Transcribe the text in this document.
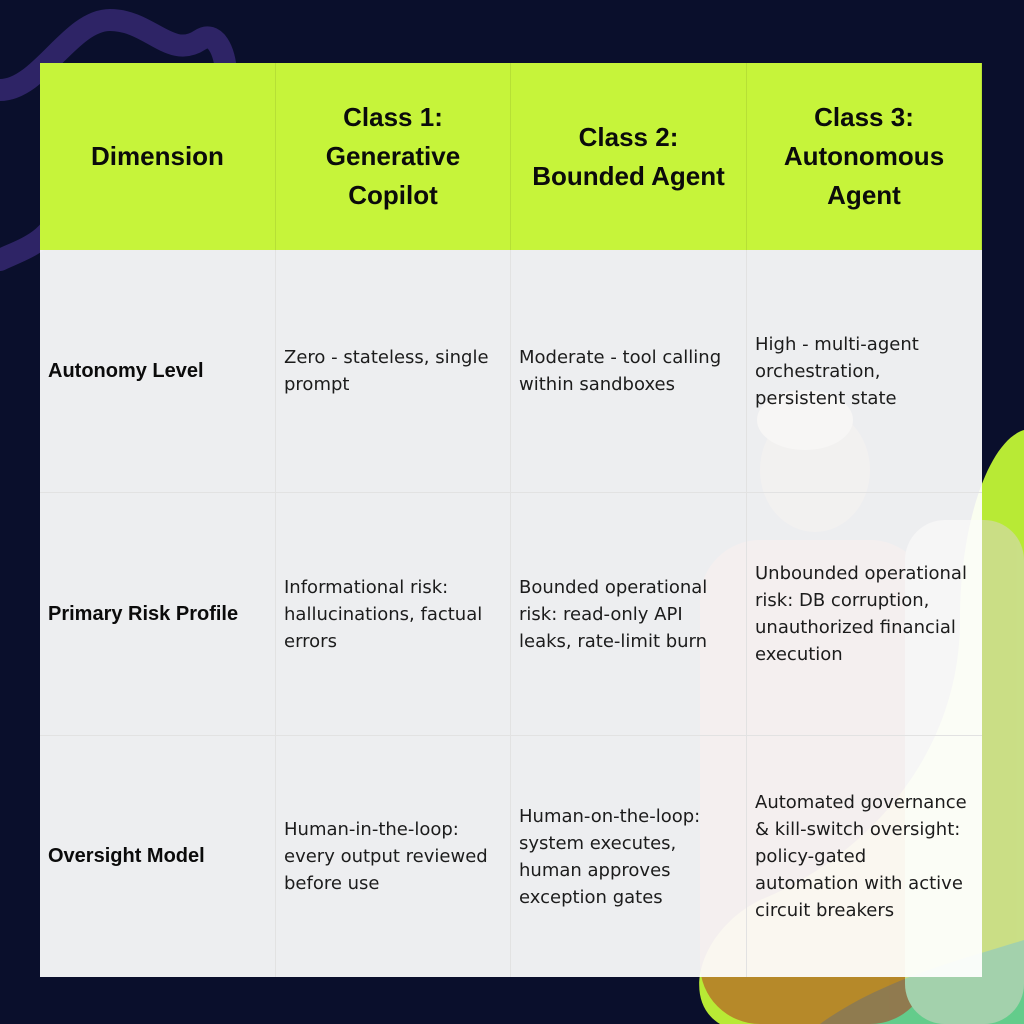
Dimension
Class 1:
Generative
Copilot
Class 2:
Bounded Agent
Class 3:
Autonomous
Agent
Autonomy Level
Zero - stateless, single prompt
Moderate - tool calling within sandboxes
High - multi-agent orchestration, persistent state
Primary Risk Profile
Informational risk: hallucinations, factual errors
Bounded operational risk: read-only API leaks, rate-limit burn
Unbounded operational risk: DB corruption, unauthorized financial execution
Oversight Model
Human-in-the-loop: every output reviewed before use
Human-on-the-loop: system executes, human approves exception gates
Automated governance & kill-switch oversight: policy-gated automation with active circuit breakers
